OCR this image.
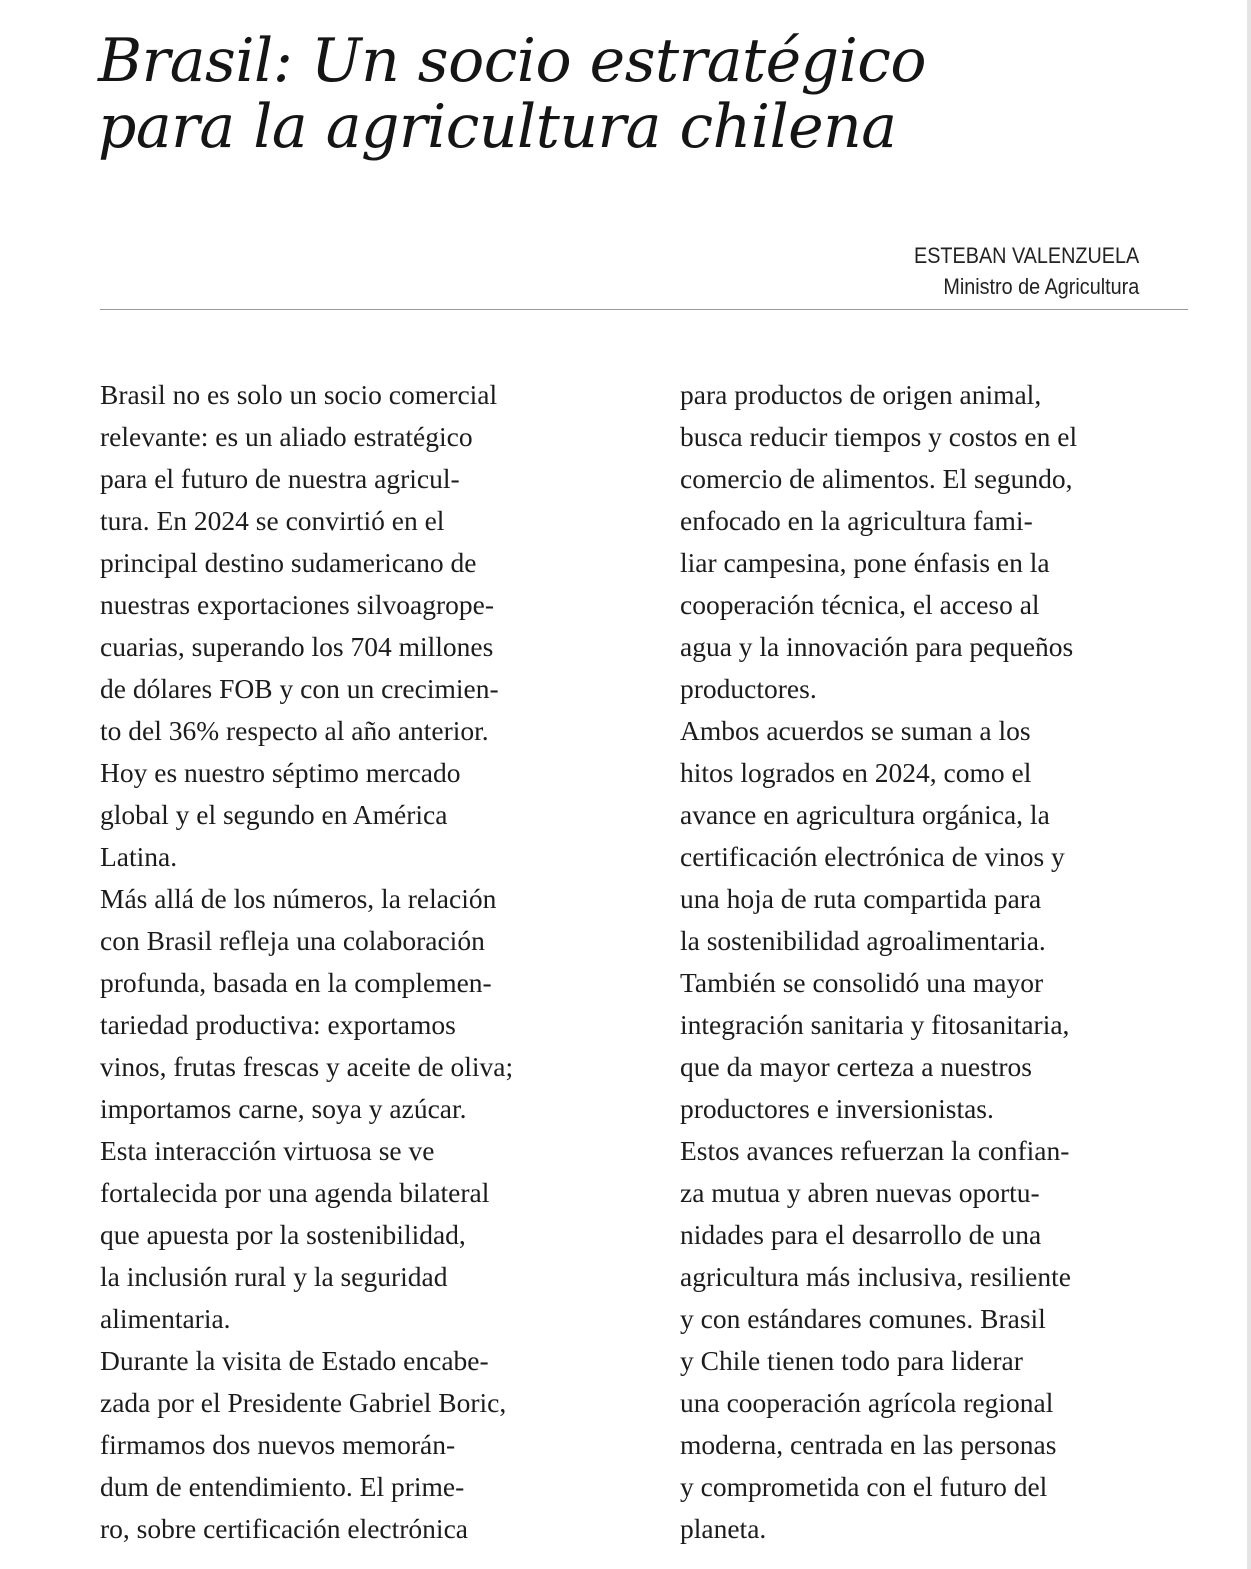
Brasil: Un socio estratégico
para la agricultura chilena
ESTEBAN VALENZUELA
Ministro de Agricultura
Brasil no es solo un socio comercial
relevante: es un aliado estratégico
para el futuro de nuestra agricul-
tura. En 2024 se convirtió en el
principal destino sudamericano de
nuestras exportaciones silvoagrope-
cuarias, superando los 704 millones
de dólares FOB y con un crecimien-
to del 36% respecto al año anterior.
Hoy es nuestro séptimo mercado
global y el segundo en América
Latina.
Más allá de los números, la relación
con Brasil refleja una colaboración
profunda, basada en la complemen-
tariedad productiva: exportamos
vinos, frutas frescas y aceite de oliva;
importamos carne, soya y azúcar.
Esta interacción virtuosa se ve
fortalecida por una agenda bilateral
que apuesta por la sostenibilidad,
la inclusión rural y la seguridad
alimentaria.
Durante la visita de Estado encabe-
zada por el Presidente Gabriel Boric,
firmamos dos nuevos memorán-
dum de entendimiento. El prime-
ro, sobre certificación electrónica
para productos de origen animal,
busca reducir tiempos y costos en el
comercio de alimentos. El segundo,
enfocado en la agricultura fami-
liar campesina, pone énfasis en la
cooperación técnica, el acceso al
agua y la innovación para pequeños
productores.
Ambos acuerdos se suman a los
hitos logrados en 2024, como el
avance en agricultura orgánica, la
certificación electrónica de vinos y
una hoja de ruta compartida para
la sostenibilidad agroalimentaria.
También se consolidó una mayor
integración sanitaria y fitosanitaria,
que da mayor certeza a nuestros
productores e inversionistas.
Estos avances refuerzan la confian-
za mutua y abren nuevas oportu-
nidades para el desarrollo de una
agricultura más inclusiva, resiliente
y con estándares comunes. Brasil
y Chile tienen todo para liderar
una cooperación agrícola regional
moderna, centrada en las personas
y comprometida con el futuro del
planeta.
